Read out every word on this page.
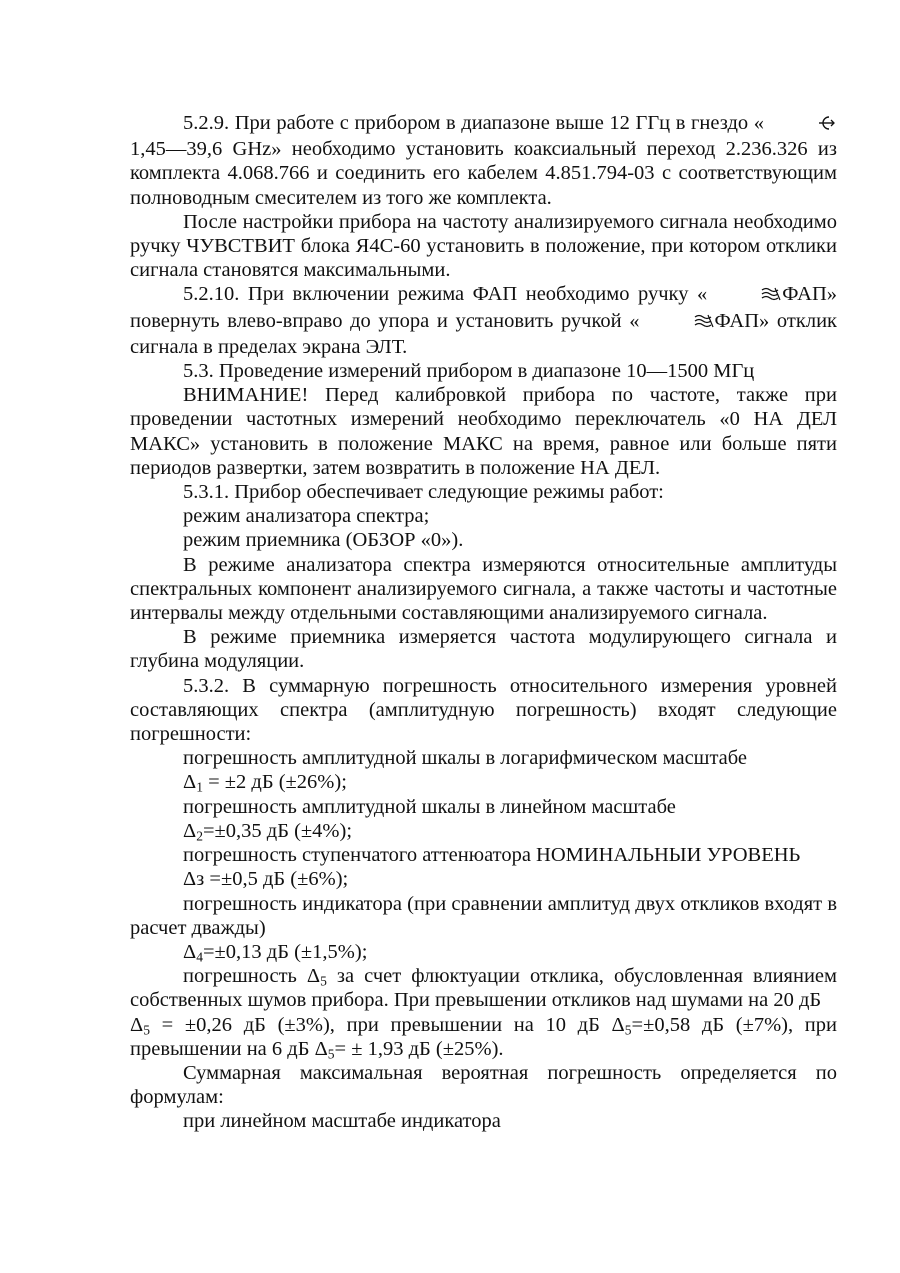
5.2.9. При работе с прибором в диапазоне выше 12 ГГц в гнездо «1,45—39,6 GHz» необходимо установить коаксиальный переход 2.236.326 из комплекта 4.068.766 и соединить его кабелем 4.851.794-03 с соответствующим полноводным смесителем из того же комплекта.

После настройки прибора на частоту анализируемого сигнала необходимо ручку ЧУВСТВИТ блока Я4С-60 установить в положение, при котором отклики сигнала становятся максимальными.

5.2.10. При включении режима ФАП необходимо ручку «	ФАП» повернуть влево-вправо до упора и установить ручкой «	ФАП» отклик сигнала в пределах экрана ЭЛТ.

5.3. Проведение измерений прибором в диапазоне 10—1500 МГц

ВНИМАНИЕ! Перед калибровкой прибора по частоте, также при проведении частотных измерений необходимо переключатель «0 НА ДЕЛ МАКС» установить в положение МАКС на время, равное или больше пяти периодов развертки, затем возвратить в положение НА ДЕЛ.

5.3.1. Прибор обеспечивает следующие режимы работ:

режим анализатора спектра;

режим приемника (ОБЗОР «0»).

В режиме анализатора спектра измеряются относительные амплитуды спектральных компонент анализируемого сигнала, а также частоты и частотные интервалы между отдельными составляющими анализируемого сигнала.

В режиме приемника измеряется частота модулирующего сигнала и глубина модуляции.

5.3.2. В суммарную погрешность относительного измерения уровней составляющих спектра (амплитудную погрешность) входят следующие погрешности:

погрешность амплитудной шкалы в логарифмическом масштабе

$\Delta_1 = \pm 2$ дБ (±26%);

погрешность амплитудной шкалы в линейном масштабе

$\Delta_2=\pm 0,35$ дБ (±4%);

погрешность ступенчатого аттенюатора НОМИНАЛЬНЫИ УРОВЕНЬ

Δз =±0,5 дБ (±6%);

погрешность индикатора (при сравнении амплитуд двух откликов входят в расчет дважды)

$\Delta_4=\pm 0,13$ дБ (±1,5%);

погрешность $\Delta_5$ за счет флюктуации отклика, обусловленная влиянием собственных шумов прибора. При превышении откликов над шумами на 20 дБ

$\Delta_5 = \pm 0,26$ дБ (±3%), при превышении на 10 дБ $\Delta_5=\pm 0,58$ дБ (±7%), при превышении на 6 дБ $\Delta_5= \pm 1,93$ дБ (±25%).

Суммарная максимальная вероятная погрешность определяется по формулам:

при линейном масштабе индикатора
